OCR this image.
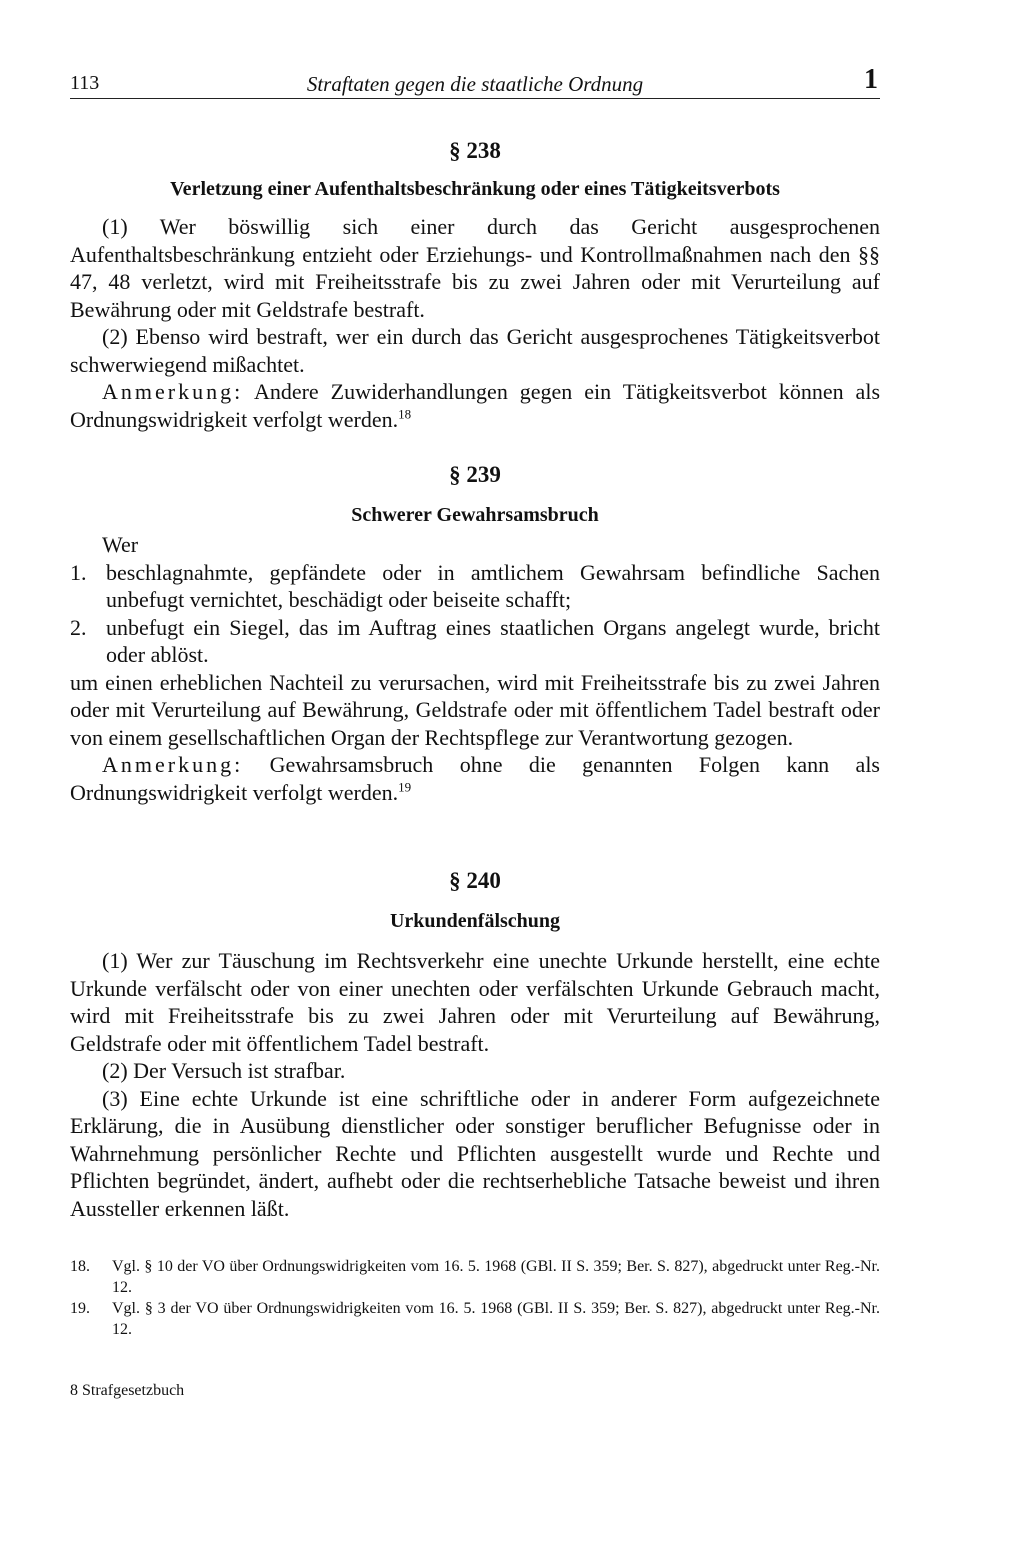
113	Straftaten gegen die staatliche Ordnung	1
§ 238
Verletzung einer Aufenthaltsbeschränkung oder eines Tätigkeitsverbots

(1) Wer böswillig sich einer durch das Gericht ausgesprochenen Aufenthaltsbeschränkung entzieht oder Erziehungs- und Kontrollmaßnahmen nach den §§ 47, 48 verletzt, wird mit Freiheitsstrafe bis zu zwei Jahren oder mit Verurteilung auf Bewährung oder mit Geldstrafe bestraft.

(2) Ebenso wird bestraft, wer ein durch das Gericht ausgesprochenes Tätigkeitsverbot schwerwiegend mißachtet.

Anmerkung: Andere Zuwiderhandlungen gegen ein Tätigkeitsverbot können als Ordnungswidrigkeit verfolgt werden.$^{18}$

§ 239
Schwerer Gewahrsamsbruch

Wer

1. beschlagnahmte, gepfändete oder in amtlichem Gewahrsam befindliche Sachen unbefugt vernichtet, beschädigt oder beiseite schafft;
2. unbefugt ein Siegel, das im Auftrag eines staatlichen Organs angelegt wurde, bricht oder ablöst.

um einen erheblichen Nachteil zu verursachen, wird mit Freiheitsstrafe bis zu zwei Jahren oder mit Verurteilung auf Bewährung, Geldstrafe oder mit öffentlichem Tadel bestraft oder von einem gesellschaftlichen Organ der Rechtspflege zur Verantwortung gezogen.

Anmerkung: Gewahrsamsbruch ohne die genannten Folgen kann als Ordnungswidrigkeit verfolgt werden.$^{19}$

§ 240
Urkundenfälschung

(1) Wer zur Täuschung im Rechtsverkehr eine unechte Urkunde herstellt, eine echte Urkunde verfälscht oder von einer unechten oder verfälschten Urkunde Gebrauch macht, wird mit Freiheitsstrafe bis zu zwei Jahren oder mit Verurteilung auf Bewährung, Geldstrafe oder mit öffentlichem Tadel bestraft.

(2) Der Versuch ist strafbar.

(3) Eine echte Urkunde ist eine schriftliche oder in anderer Form aufgezeichnete Erklärung, die in Ausübung dienstlicher oder sonstiger beruflicher Befugnisse oder in Wahrnehmung persönlicher Rechte und Pflichten ausgestellt wurde und Rechte und Pflichten begründet, ändert, aufhebt oder die rechtserhebliche Tatsache beweist und ihren Aussteller erkennen läßt.

18. Vgl. § 10 der VO über Ordnungswidrigkeiten vom 16. 5. 1968 (GBl. II S. 359; Ber. S. 827), abgedruckt unter Reg.-Nr. 12.
19. Vgl. § 3 der VO über Ordnungswidrigkeiten vom 16. 5. 1968 (GBl. II S. 359; Ber. S. 827), abgedruckt unter Reg.-Nr. 12.
8 Strafgesetzbuch
